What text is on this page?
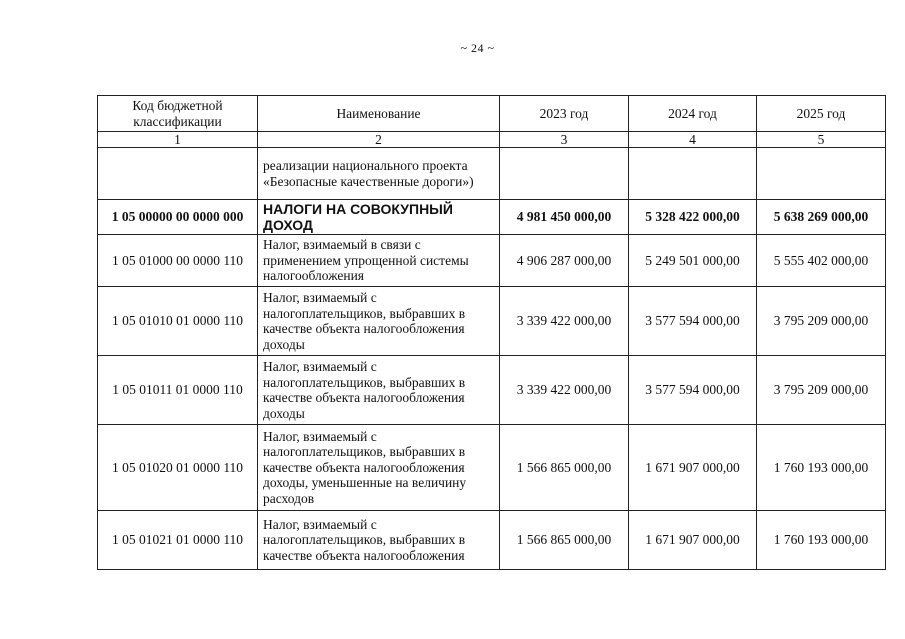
~ 24 ~
Код бюджетной классификации	Наименование	2023 год	2024 год	2025 год
1	2	3	4	5
	реализации национального проекта «Безопасные качественные дороги»)			
1 05 00000 00 0000 000	НАЛОГИ НА СОВОКУПНЫЙ ДОХОД	4 981 450 000,00	5 328 422 000,00	5 638 269 000,00
1 05 01000 00 0000 110	Налог, взимаемый в связи с применением упрощенной системы налогообложения	4 906 287 000,00	5 249 501 000,00	5 555 402 000,00
1 05 01010 01 0000 110	Налог, взимаемый с налогоплательщиков, выбравших в качестве объекта налогообложения доходы	3 339 422 000,00	3 577 594 000,00	3 795 209 000,00
1 05 01011 01 0000 110	Налог, взимаемый с налогоплательщиков, выбравших в качестве объекта налогообложения доходы	3 339 422 000,00	3 577 594 000,00	3 795 209 000,00
1 05 01020 01 0000 110	Налог, взимаемый с налогоплательщиков, выбравших в качестве объекта налогообложения доходы, уменьшенные на величину расходов	1 566 865 000,00	1 671 907 000,00	1 760 193 000,00
1 05 01021 01 0000 110	Налог, взимаемый с налогоплательщиков, выбравших в качестве объекта налогообложения	1 566 865 000,00	1 671 907 000,00	1 760 193 000,00
